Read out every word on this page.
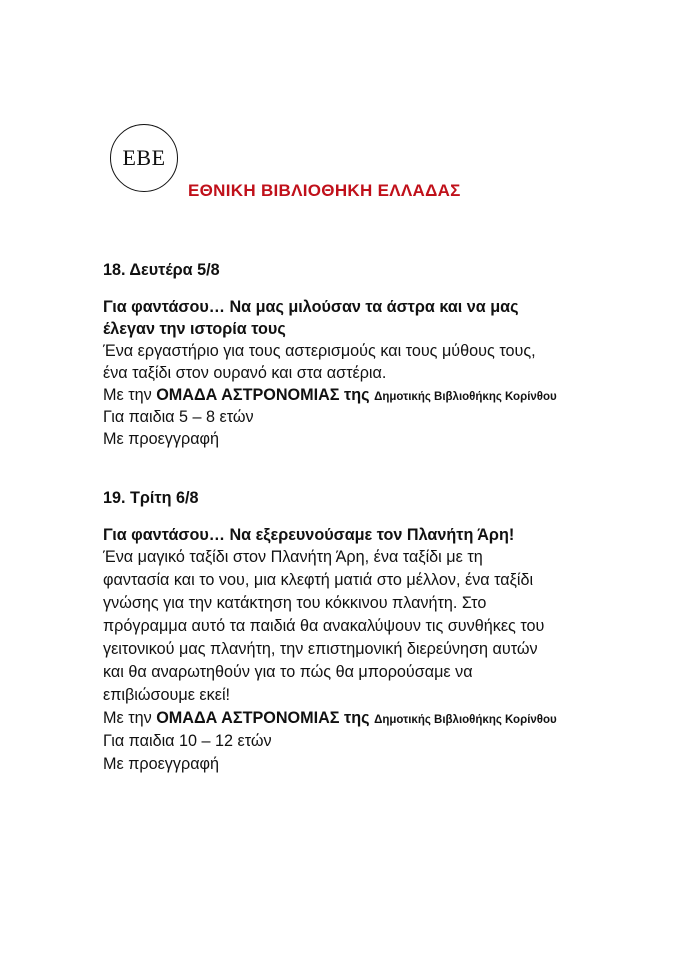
EBE
ΕΘΝΙΚΗ ΒΙΒΛΙΟΘΗΚΗ ΕΛΛΑΔΑΣ
18. Δευτέρα 5/8
Για φαντάσου… Να μας μιλούσαν τα άστρα και να μας
έλεγαν την ιστορία τους
Ένα εργαστήριο για τους αστερισμούς και τους μύθους τους,
ένα ταξίδι στον ουρανό και στα αστέρια.
Με την ΟΜΑΔΑ ΑΣΤΡΟΝΟΜΙΑΣ της Δημοτικής Βιβλιοθήκης Κορίνθου
Για παιδια 5 – 8 ετών
Με προεγγραφή
19. Τρίτη 6/8
Για φαντάσου… Να εξερευνούσαμε τον Πλανήτη Άρη!
Ένα μαγικό ταξίδι στον Πλανήτη Άρη, ένα ταξίδι με τη
φαντασία και το νου, μια κλεφτή ματιά στο μέλλον, ένα ταξίδι
γνώσης για την κατάκτηση του κόκκινου πλανήτη. Στο
πρόγραμμα αυτό τα παιδιά θα ανακαλύψουν τις συνθήκες του
γειτονικού μας πλανήτη, την επιστημονική διερεύνηση αυτών
και θα αναρωτηθούν για το πώς θα μπορούσαμε να
επιβιώσουμε εκεί!
Με την ΟΜΑΔΑ ΑΣΤΡΟΝΟΜΙΑΣ της Δημοτικής Βιβλιοθήκης Κορίνθου
Για παιδια 10 – 12 ετών
Με προεγγραφή
